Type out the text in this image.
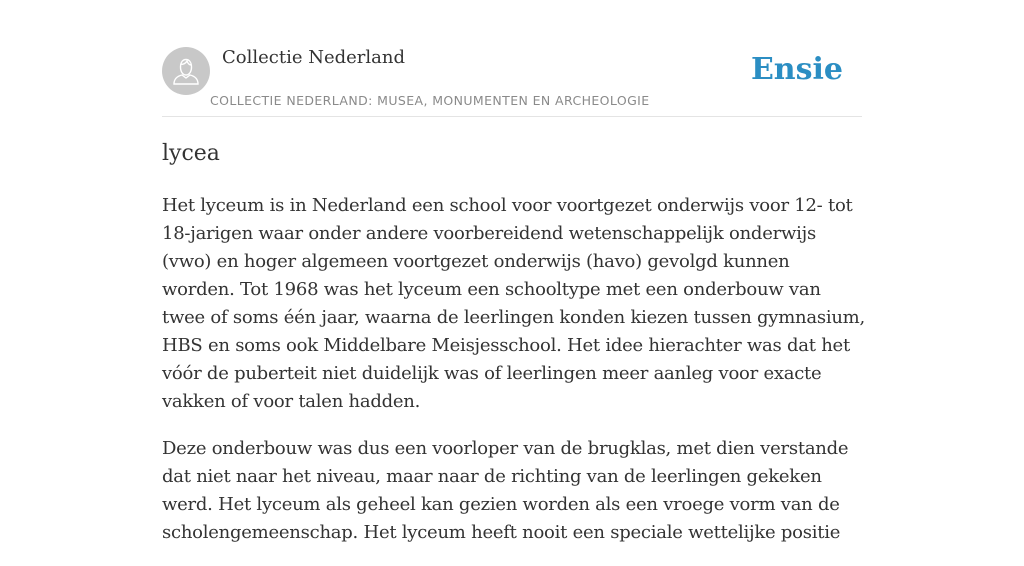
Collectie Nederland
COLLECTIE NEDERLAND: MUSEA, MONUMENTEN EN ARCHEOLOGIE
Ensie
lycea

Het lyceum is in Nederland een school voor voortgezet onderwijs voor 12- tot 18-jarigen waar onder andere voorbereidend wetenschappelijk onderwijs (vwo) en hoger algemeen voortgezet onderwijs (havo) gevolgd kunnen worden. Tot 1968 was het lyceum een schooltype met een onderbouw van twee of soms één jaar, waarna de leerlingen konden kiezen tussen gymnasium, HBS en soms ook Middelbare Meisjesschool. Het idee hierachter was dat het vóór de puberteit niet duidelijk was of leerlingen meer aanleg voor exacte vakken of voor talen hadden.

Deze onderbouw was dus een voorloper van de brugklas, met dien verstande dat niet naar het niveau, maar naar de richting van de leerlingen gekeken werd. Het lyceum als geheel kan gezien worden als een vroege vorm van de scholengemeenschap. Het lyceum heeft nooit een speciale wettelijke positie
